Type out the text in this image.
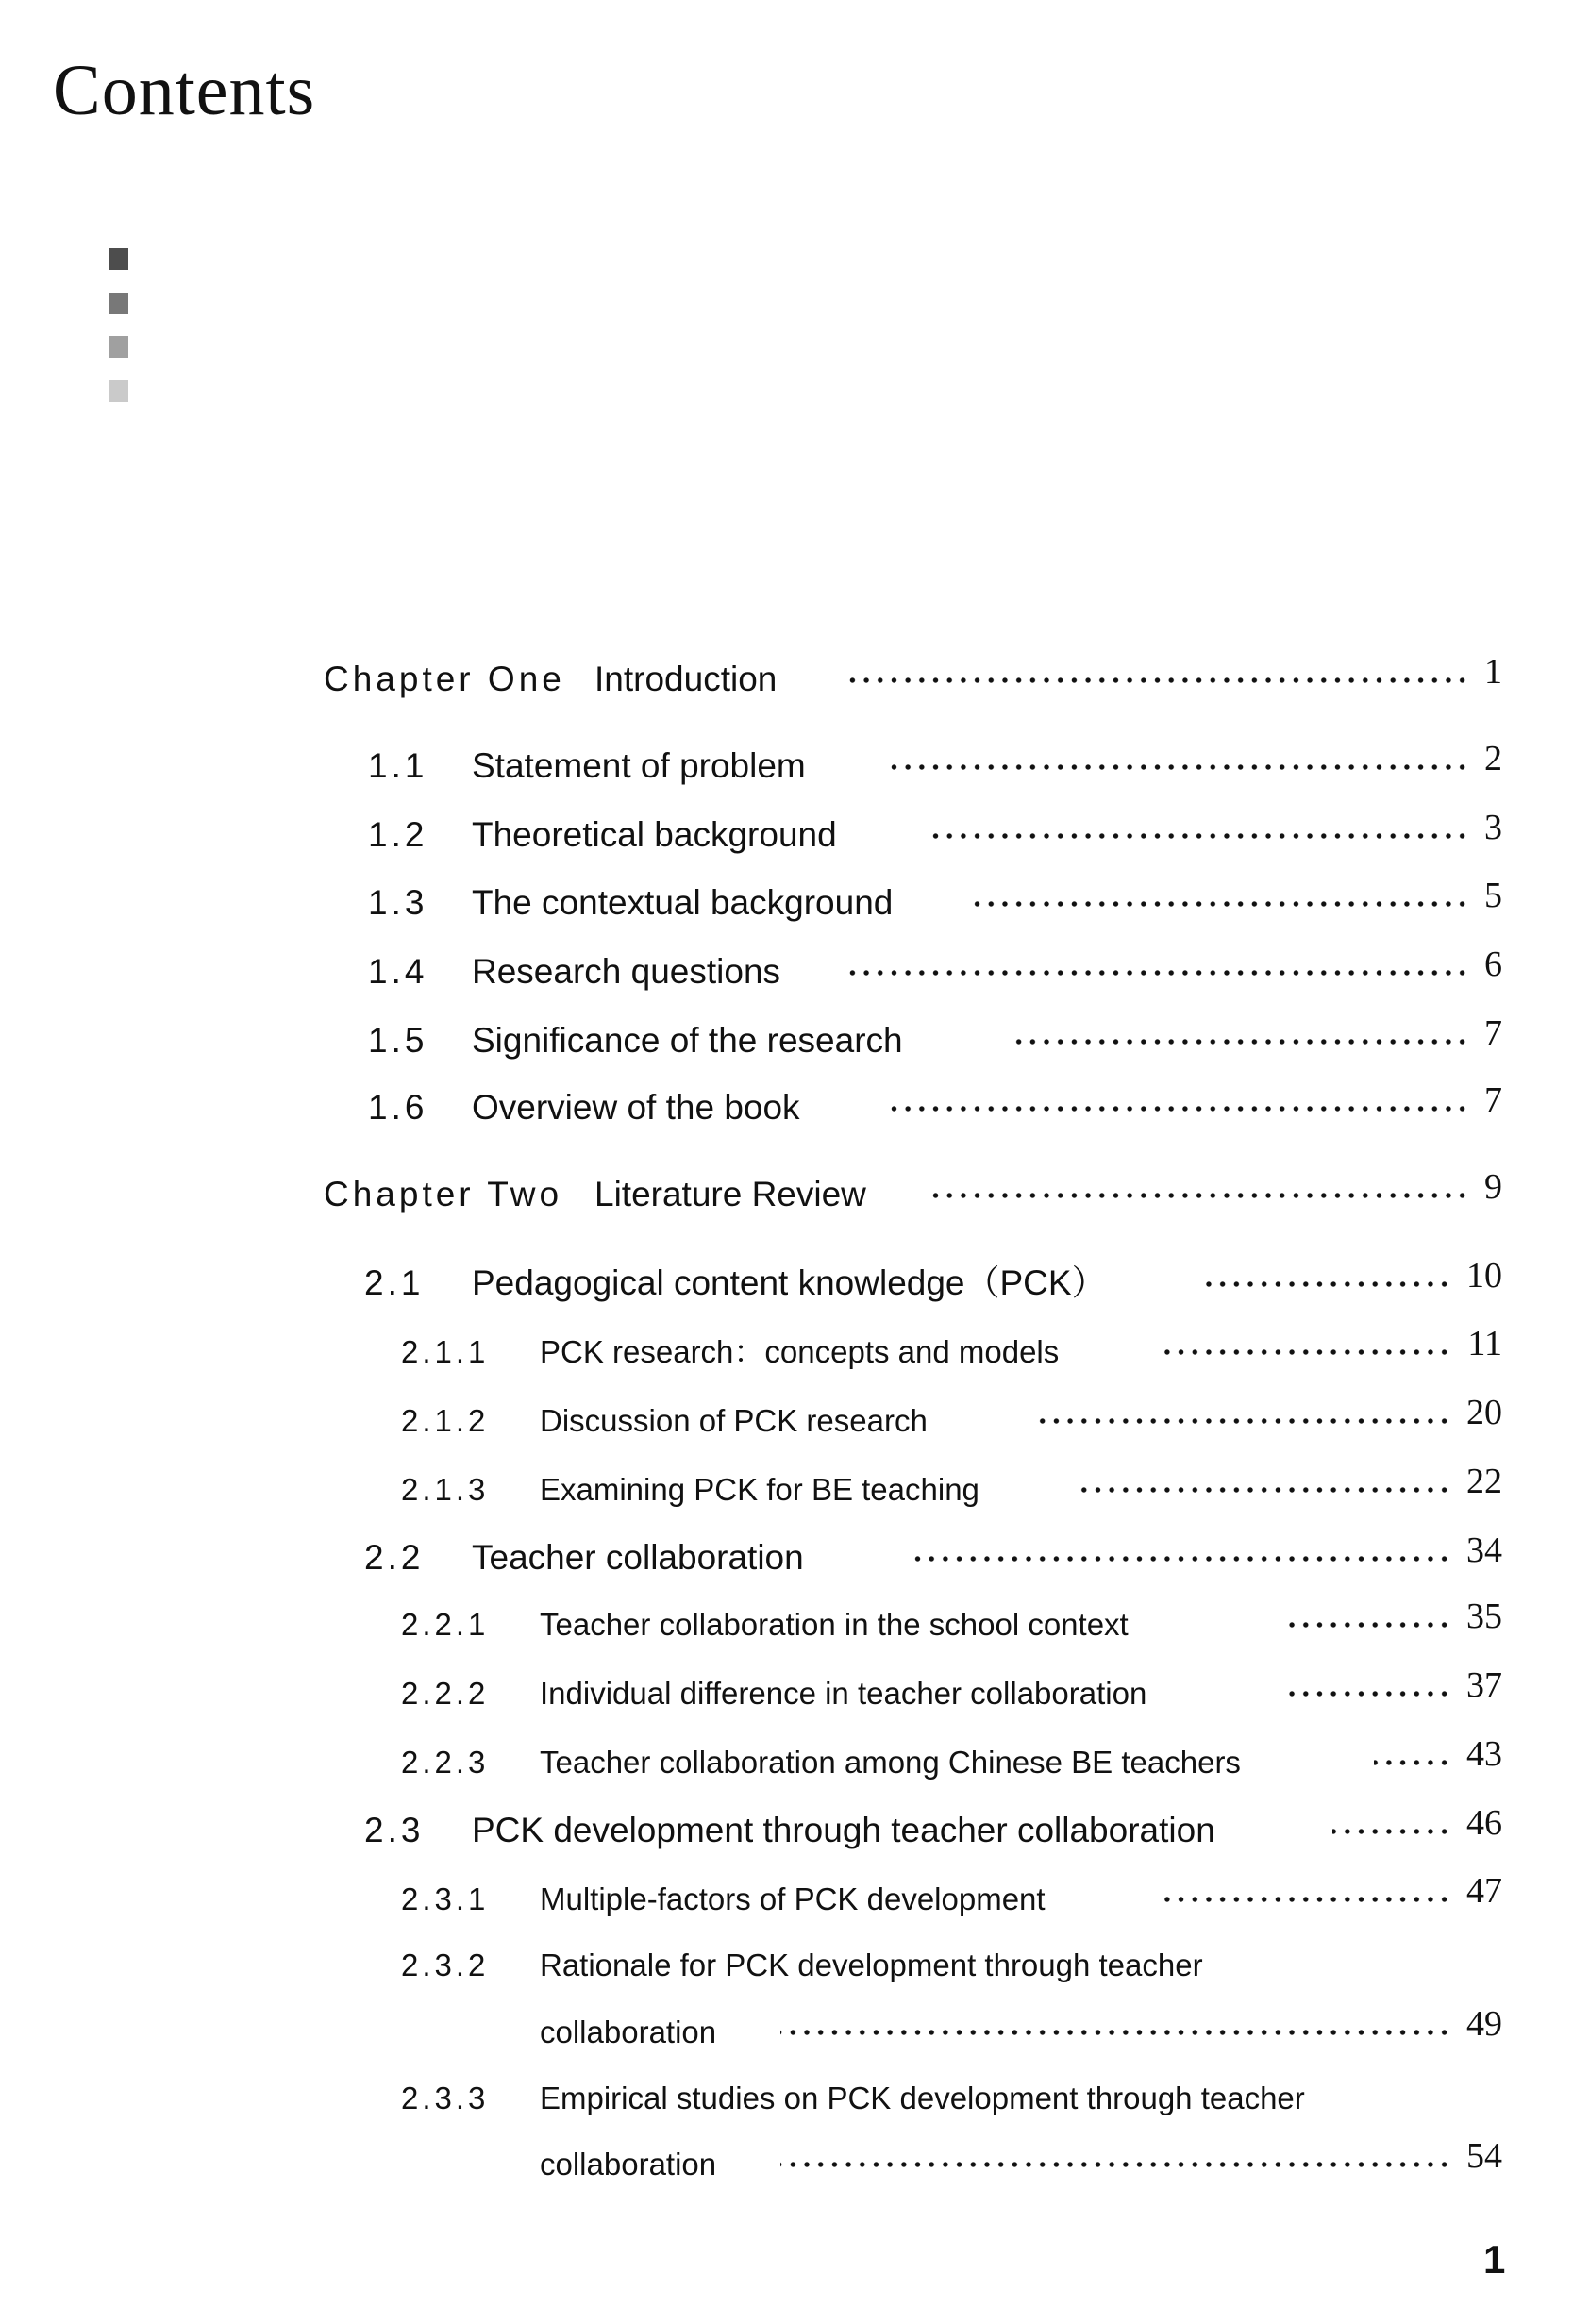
Contents
Chapter One Introduction	1
1.1 Statement of problem	2
1.2 Theoretical background	3
1.3 The contextual background	5
1.4 Research questions	6
1.5 Significance of the research	7
1.6 Overview of the book	7
Chapter Two Literature Review	9
2.1 Pedagogical content knowledge（PCK）	10
2.1.1 PCK research：concepts and models	11
2.1.2 Discussion of PCK research	20
2.1.3 Examining PCK for BE teaching	22
2.2 Teacher collaboration	34
2.2.1 Teacher collaboration in the school context	35
2.2.2 Individual difference in teacher collaboration	37
2.2.3 Teacher collaboration among Chinese BE teachers	43
2.3 PCK development through teacher collaboration	46
2.3.1 Multiple-factors of PCK development	47
2.3.2 Rationale for PCK development through teacher
collaboration	49
2.3.3 Empirical studies on PCK development through teacher
collaboration	54
1
